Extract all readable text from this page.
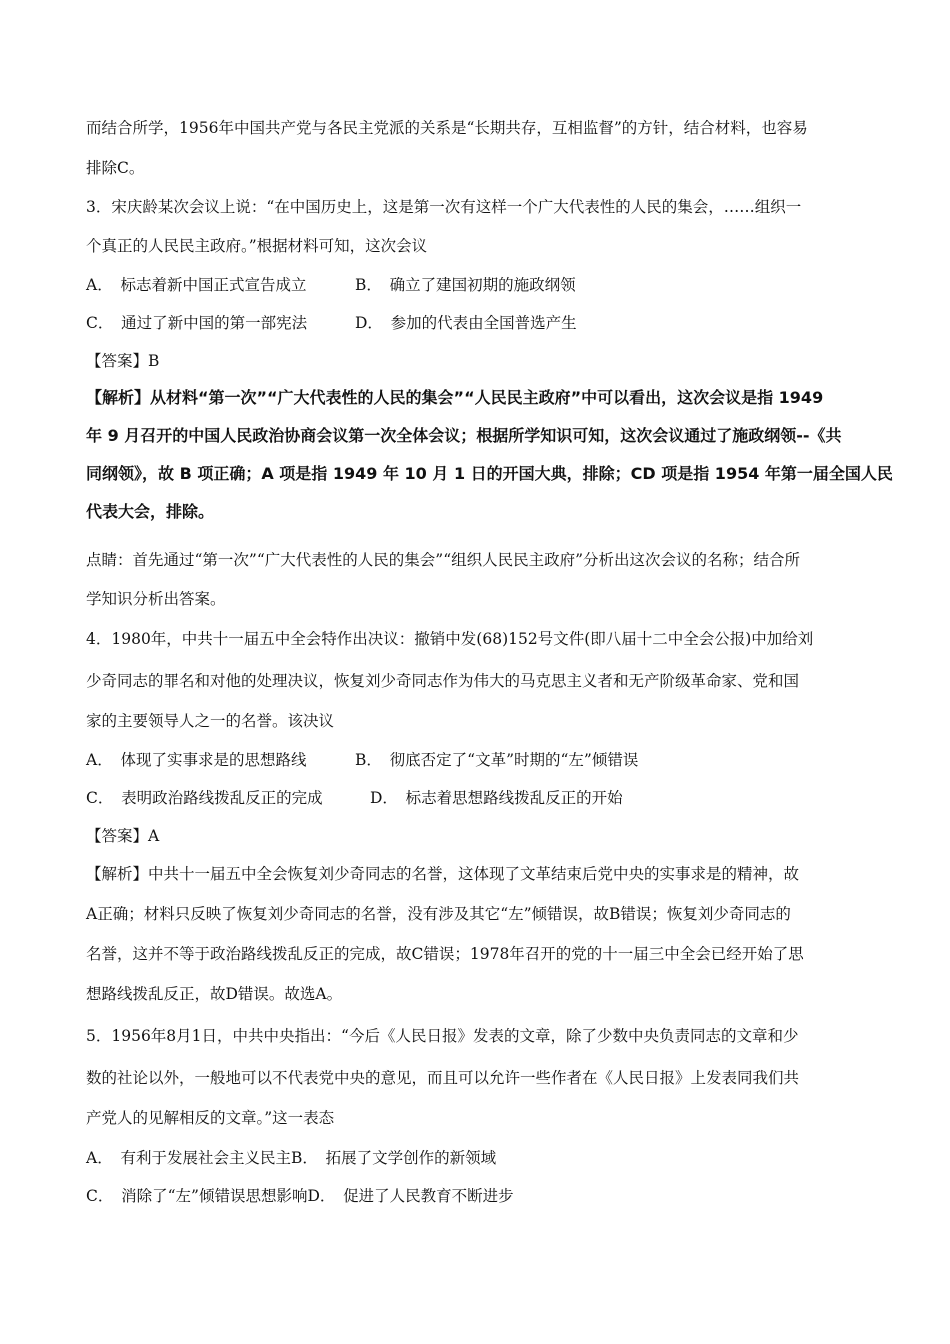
而结合所学，1956年中国共产党与各民主党派的关系是“长期共存，互相监督”的方针，结合材料，也容易
排除C。
3．宋庆龄某次会议上说：“在中国历史上，这是第一次有这样一个广大代表性的人民的集会，……组织一
个真正的人民民主政府。”根据材料可知，这次会议
A．　标志着新中国正式宣告成立	B．　确立了建国初期的施政纲领
C．　通过了新中国的第一部宪法	D．　参加的代表由全国普选产生
【答案】B
【解析】从材料“第一次”“广大代表性的人民的集会”“人民民主政府”中可以看出，这次会议是指 1949
年 9 月召开的中国人民政治协商会议第一次全体会议；根据所学知识可知，这次会议通过了施政纲领--《共
同纲领》，故 B 项正确；A 项是指 1949 年 10 月 1 日的开国大典，排除；CD 项是指 1954 年第一届全国人民
代表大会，排除。
点睛：首先通过“第一次”“广大代表性的人民的集会”“组织人民民主政府”分析出这次会议的名称；结合所
学知识分析出答案。
4．1980年，中共十一届五中全会特作出决议：撤销中发(68)152号文件(即八届十二中全会公报)中加给刘
少奇同志的罪名和对他的处理决议，恢复刘少奇同志作为伟大的马克思主义者和无产阶级革命家、党和国
家的主要领导人之一的名誉。该决议
A．　体现了实事求是的思想路线	B．　彻底否定了“文革”时期的“左”倾错误
C．　表明政治路线拨乱反正的完成	D．　标志着思想路线拨乱反正的开始
【答案】A
【解析】中共十一届五中全会恢复刘少奇同志的名誉，这体现了文革结束后党中央的实事求是的精神，故
A正确；材料只反映了恢复刘少奇同志的名誉，没有涉及其它“左”倾错误，故B错误；恢复刘少奇同志的
名誉，这并不等于政治路线拨乱反正的完成，故C错误；1978年召开的党的十一届三中全会已经开始了思
想路线拨乱反正，故D错误。故选A。
5．1956年8月1日，中共中央指出：“今后《人民日报》发表的文章，除了少数中央负责同志的文章和少
数的社论以外，一般地可以不代表党中央的意见，而且可以允许一些作者在《人民日报》上发表同我们共
产党人的见解相反的文章。”这一表态
A．　有利于发展社会主义民主B．　拓展了文学创作的新领域
C．　消除了“左”倾错误思想影响D．　促进了人民教育不断进步
